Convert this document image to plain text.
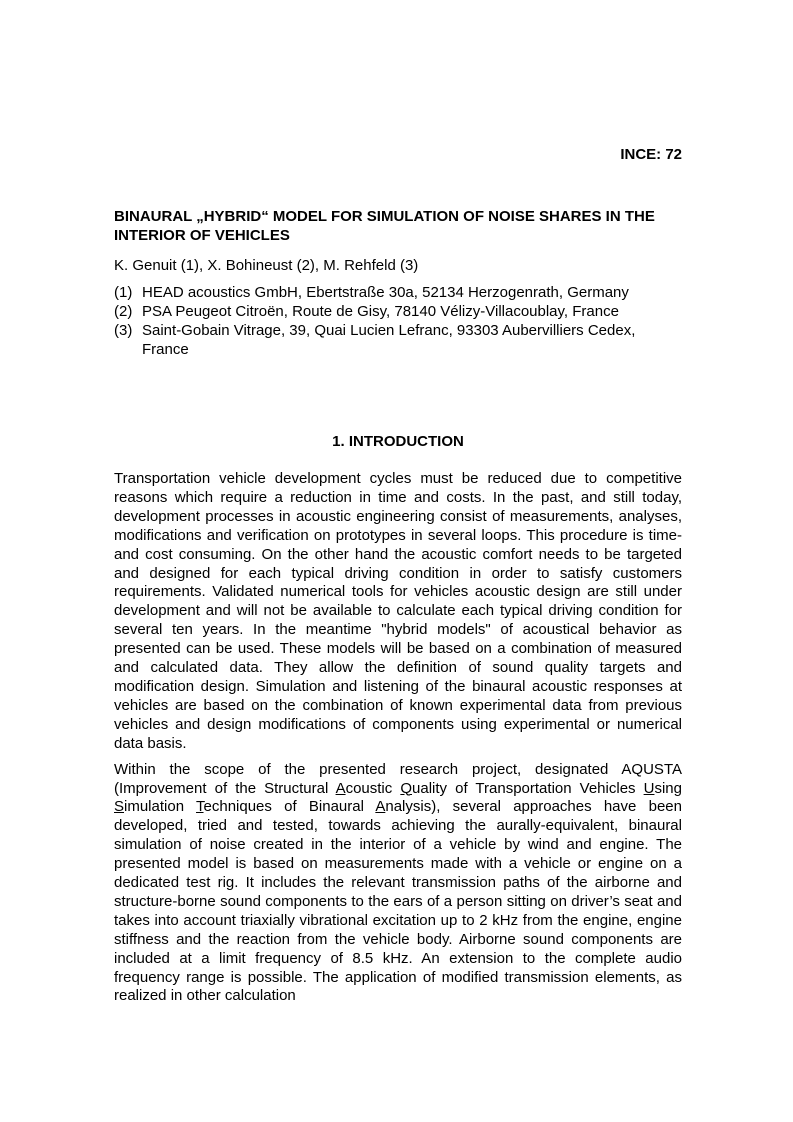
INCE: 72
BINAURAL „HYBRID“ MODEL FOR SIMULATION OF NOISE SHARES IN THE INTERIOR OF VEHICLES

K. Genuit (1), X. Bohineust (2), M. Rehfeld (3)

(1) HEAD acoustics GmbH, Ebertstraße 30a, 52134 Herzogenrath, Germany
(2) PSA Peugeot Citroën, Route de Gisy, 78140 Vélizy-Villacoublay, France
(3) Saint-Gobain Vitrage, 39, Quai Lucien Lefranc, 93303 Aubervilliers Cedex, France
1. INTRODUCTION

Transportation vehicle development cycles must be reduced due to competitive reasons which require a reduction in time and costs. In the past, and still today, development processes in acoustic engineering consist of measurements, analyses, modifications and verification on prototypes in several loops. This procedure is time- and cost consuming. On the other hand the acoustic comfort needs to be targeted and designed for each typical driving condition in order to satisfy customers requirements. Validated numerical tools for vehicles acoustic design are still under development and will not be available to calculate each typical driving condition for several ten years. In the meantime "hybrid models" of acoustical behavior as presented can be used. These models will be based on a combination of measured and calculated data. They allow the definition of sound quality targets and modification design. Simulation and listening of the binaural acoustic responses at vehicles are based on the combination of known experimental data from previous vehicles and design modifications of components using experimental or numerical data basis.

Within the scope of the presented research project, designated AQUSTA (Improvement of the Structural Acoustic Quality of Transportation Vehicles Using Simulation Techniques of Binaural Analysis), several approaches have been developed, tried and tested, towards achieving the aurally-equivalent, binaural simulation of noise created in the interior of a vehicle by wind and engine. The presented model is based on measurements made with a vehicle or engine on a dedicated test rig. It includes the relevant transmission paths of the airborne and structure-borne sound components to the ears of a person sitting on driver’s seat and takes into account triaxially vibrational excitation up to 2 kHz from the engine, engine stiffness and the reaction from the vehicle body. Airborne sound components are included at a limit frequency of 8.5 kHz. An extension to the complete audio frequency range is possible. The application of modified transmission elements, as realized in other calculation
